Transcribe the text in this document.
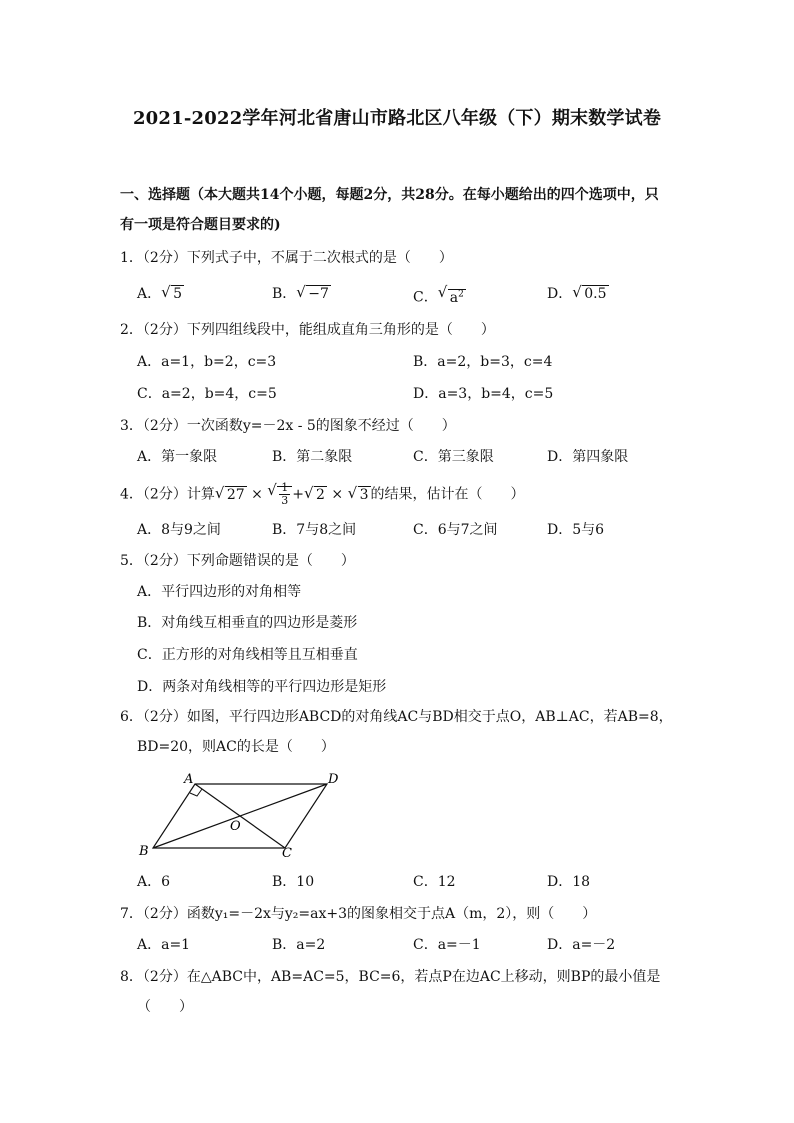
2021-2022学年河北省唐山市路北区八年级（下）期末数学试卷
一、选择题（本大题共14个小题，每题2分，共28分。在每小题给出的四个选项中，只
有一项是符合题目要求的)
1．（2分）下列式子中，不属于二次根式的是（　　）
A． √ 5	B． √ −7	C． √ $a^2$	D． √ 0.5
2．（2分）下列四组线段中，能组成直角三角形的是（　　）
A．a=1，b=2，c=3	B．a=2，b=3，c=4
C．a=2，b=4，c=5	D．a=3，b=4，c=5
3．（2分）一次函数y=－2x - 5的图象不经过（　　）
A．第一象限	B．第二象限	C．第三象限	D．第四象限
4．（2分）计算 √ 27 × √ $\frac{1}{3}$ + √ 2 × √ 3 的结果，估计在（　　）
A．8与9之间	B．7与8之间	C．6与7之间	D．5与6
5．（2分）下列命题错误的是（　　）
A．平行四边形的对角相等
B．对角线互相垂直的四边形是菱形
C．正方形的对角线相等且互相垂直
D．两条对角线相等的平行四边形是矩形
6．（2分）如图，平行四边形ABCD的对角线AC与BD相交于点O，AB⊥AC，若AB=8，
BD=20，则AC的长是（　　）
A	D
B	C
O
A．6	B．10	C．12	D．18
7．（2分）函数y₁=－2x与y₂=ax+3的图象相交于点A（m，2），则（　　）
A．a=1	B．a=2	C．a=－1	D．a=－2
8．（2分）在△ABC中，AB=AC=5，BC=6，若点P在边AC上移动，则BP的最小值是
（　　）
